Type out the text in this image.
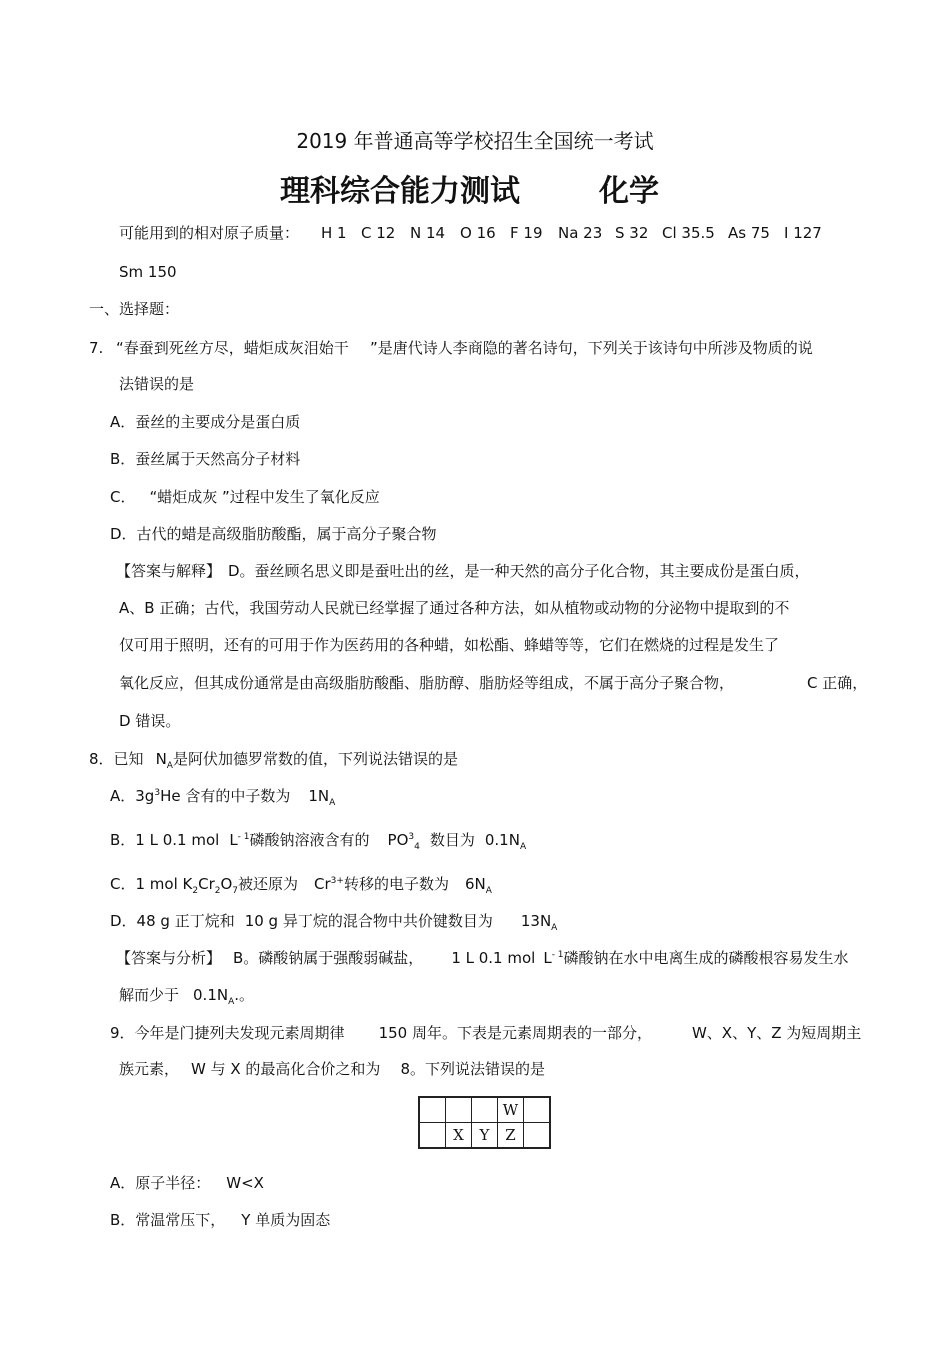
2019 年普通高等学校招生全国统一考试
理科综合能力测试	化学
可能用到的相对原子质量： H 1 C 12 N 14 O 16 F 19 Na 23 S 32 Cl 35.5 As 75 I 127
Sm 150
一、选择题：
7. “春蚕到死丝方尽，蜡炬成灰泪始干 ”是唐代诗人李商隐的著名诗句，下列关于该诗句中所涉及物质的说
法错误的是
A．蚕丝的主要成分是蛋白质
B．蚕丝属于天然高分子材料
C． “蜡炬成灰 ”过程中发生了氧化反应
D．古代的蜡是高级脂肪酸酯，属于高分子聚合物
【答案与解释】 D。蚕丝顾名思义即是蚕吐出的丝，是一种天然的高分子化合物，其主要成份是蛋白质，
A、B 正确；古代，我国劳动人民就已经掌握了通过各种方法，如从植物或动物的分泌物中提取到的不
仅可用于照明，还有的可用于作为医药用的各种蜡，如松酯、蜂蜡等等，它们在燃烧的过程是发生了
氧化反应，但其成份通常是由高级脂肪酸酯、脂肪醇、脂肪烃等组成，不属于高分子聚合物，	C 正确，
D 错误。
8．已知 $N_A$是阿伏加德罗常数的值，下列说法错误的是
A．$3g^3He$ 含有的中子数为 $1N_A$
B．1 L 0.1 mol $L^{- 1}$磷酸钠溶液含有的 $PO^3_4$ 数目为 $0.1N_A$
C．1 mol $K_2Cr_2O_7$被还原为 $Cr^{3+}$转移的电子数为 $6N_A$
D．48 g 正丁烷和 10 g 异丁烷的混合物中共价键数目为 $13N_A$
【答案与分析】 B。磷酸钠属于强酸弱碱盐， 1 L 0.1 mol $L^{- 1}$磷酸钠在水中电离生成的磷酸根容易发生水
解而少于 $0.1N_A$.。
9．今年是门捷列夫发现元素周期律 150 周年。下表是元素周期表的一部分，	W、X、Y、Z 为短周期主
族元素， W 与 X 的最高化合价之和为 8。下列说法错误的是
			W	
	X	Y	Z	
A．原子半径： W<X
B．常温常压下， Y 单质为固态
